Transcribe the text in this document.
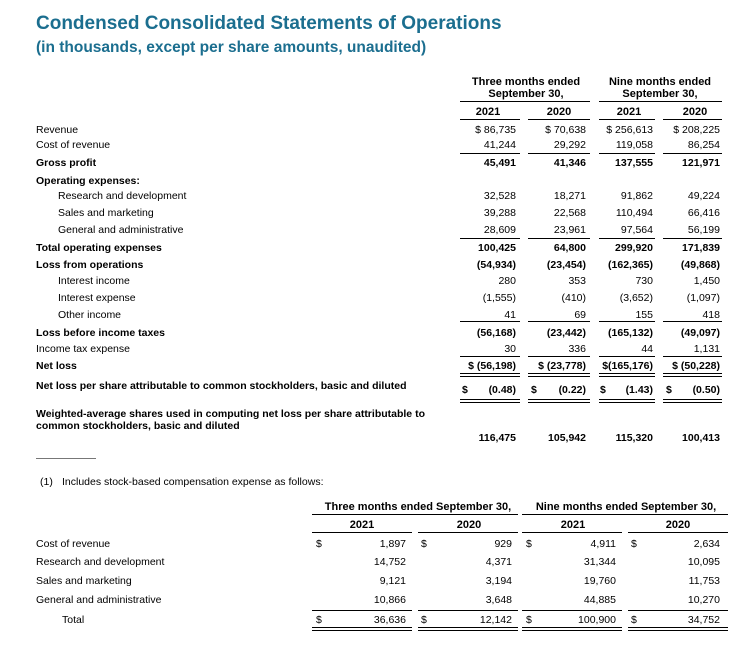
Condensed Consolidated Statements of Operations
(in thousands, except per share amounts, unaudited)
Three months ended
September 30,
Nine months ended
September 30,
2021	2020	2021	2020
Revenue	$ 86,735	$ 70,638	$ 256,613	$ 208,225
Cost of revenue	41,244	29,292	119,058	86,254
Gross profit	45,491	41,346	137,555	121,971
Operating expenses:
Research and development	32,528	18,271	91,862	49,224
Sales and marketing	39,288	22,568	110,494	66,416
General and administrative	28,609	23,961	97,564	56,199
Total operating expenses	100,425	64,800	299,920	171,839
Loss from operations	(54,934)	(23,454)	(162,365)	(49,868)
Interest income	280	353	730	1,450
Interest expense	(1,555)	(410)	(3,652)	(1,097)
Other income	41	69	155	418
Loss before income taxes	(56,168)	(23,442)	(165,132)	(49,097)
Income tax expense	30	336	44	1,131
Net loss	$ (56,198)	$ (23,778)	$(165,176)	$ (50,228)
Net loss per share attributable to common stockholders, basic and diluted	$	(0.48) $	(0.22) $	(1.43) $	(0.50)
Weighted-average shares used in computing net loss per share attributable to
common stockholders, basic and diluted
116,475	105,942	115,320	100,413
(1) Includes stock-based compensation expense as follows:
Three months ended September 30,	Nine months ended September 30,
2021	2020	2021	2020
Cost of revenue	$	1,897 $	929 $	4,911 $	2,634
Research and development	14,752	4,371	31,344	10,095
Sales and marketing	9,121	3,194	19,760	11,753
General and administrative	10,866	3,648	44,885	10,270
Total	$	36,636 $	12,142 $	100,900 $	34,752
